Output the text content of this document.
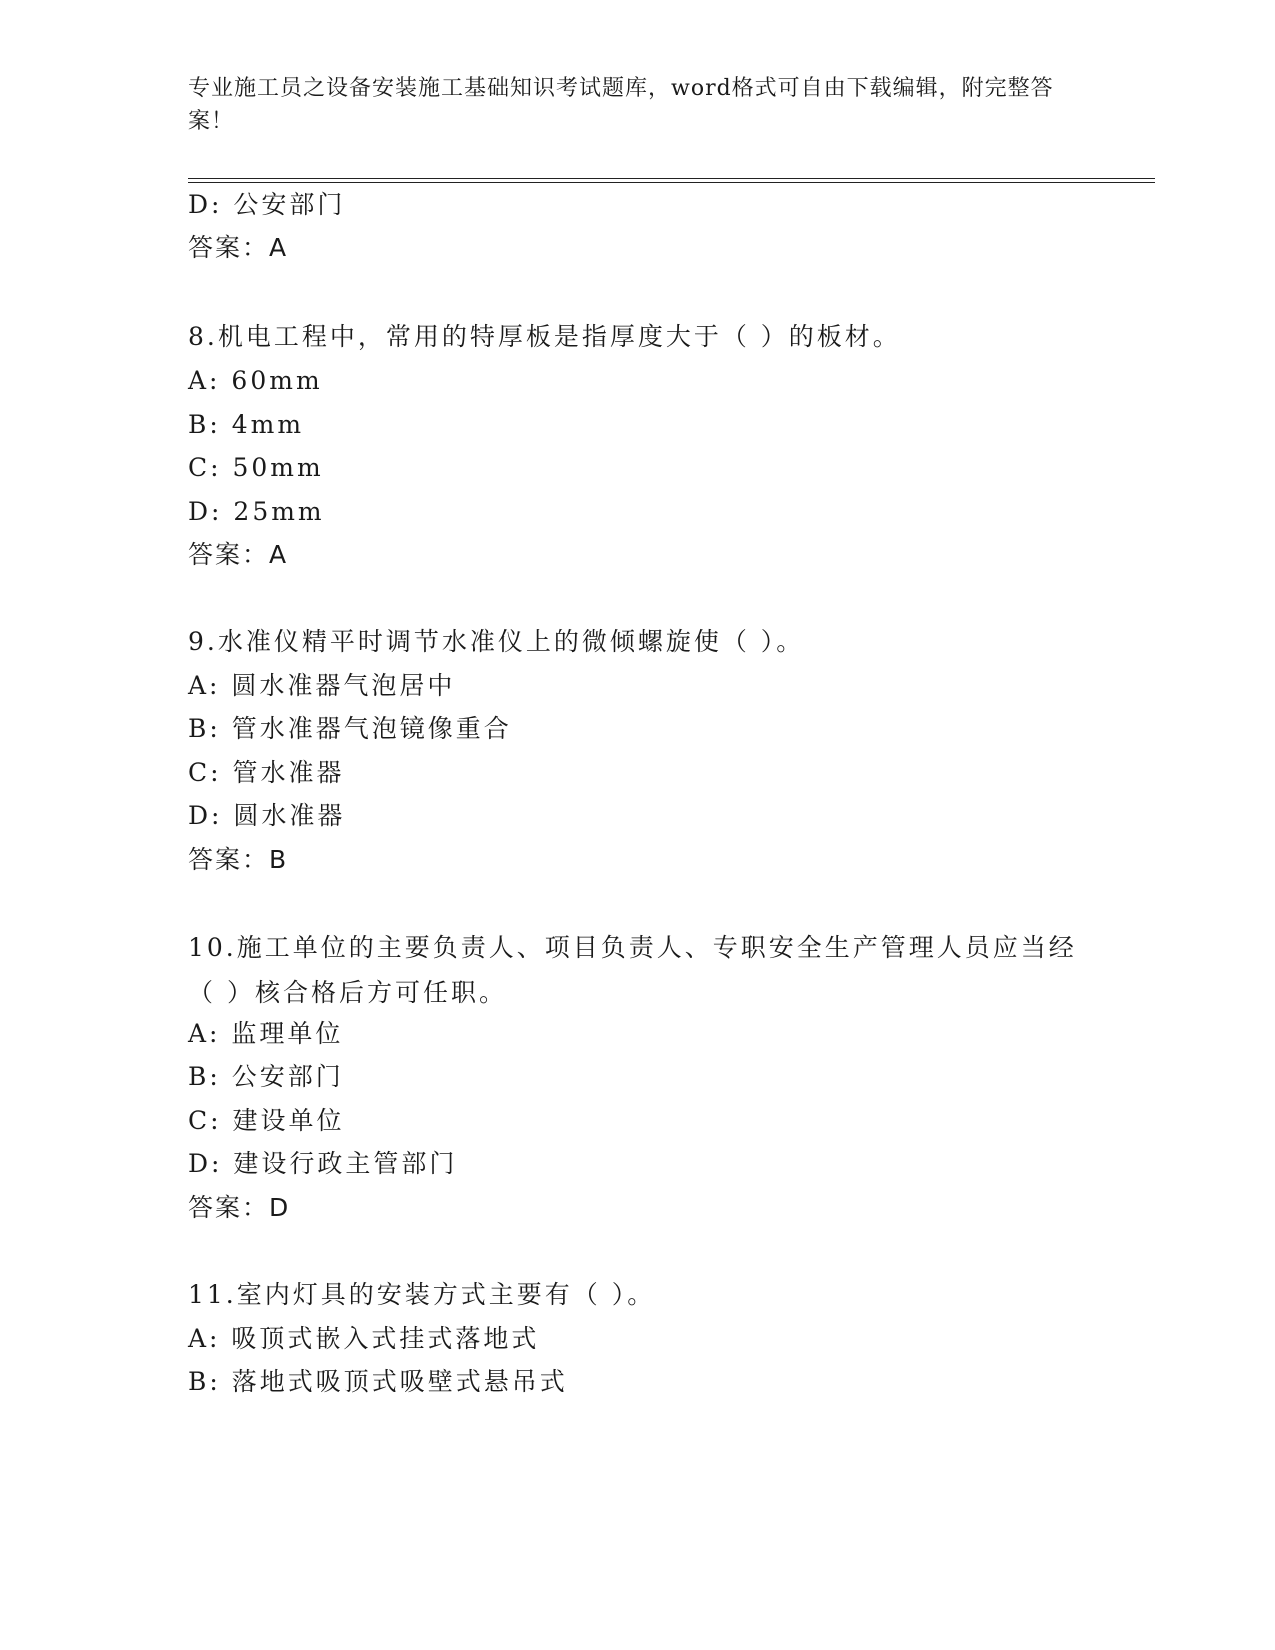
专业施工员之设备安装施工基础知识考试题库，word格式可自由下载编辑，附完整答案！
D: 公安部门
答案：A
8.机电工程中，常用的特厚板是指厚度大于（ ）的板材。
A: 60mm
B: 4mm
C: 50mm
D: 25mm
答案：A
9.水准仪精平时调节水准仪上的微倾螺旋使（ ）。
A: 圆水准器气泡居中
B: 管水准器气泡镜像重合
C: 管水准器
D: 圆水准器
答案：B
10.施工单位的主要负责人、项目负责人、专职安全生产管理人员应当经（ ）核合格后方可任职。
A: 监理单位
B: 公安部门
C: 建设单位
D: 建设行政主管部门
答案：D
11.室内灯具的安装方式主要有（ ）。
A: 吸顶式嵌入式挂式落地式
B: 落地式吸顶式吸壁式悬吊式
